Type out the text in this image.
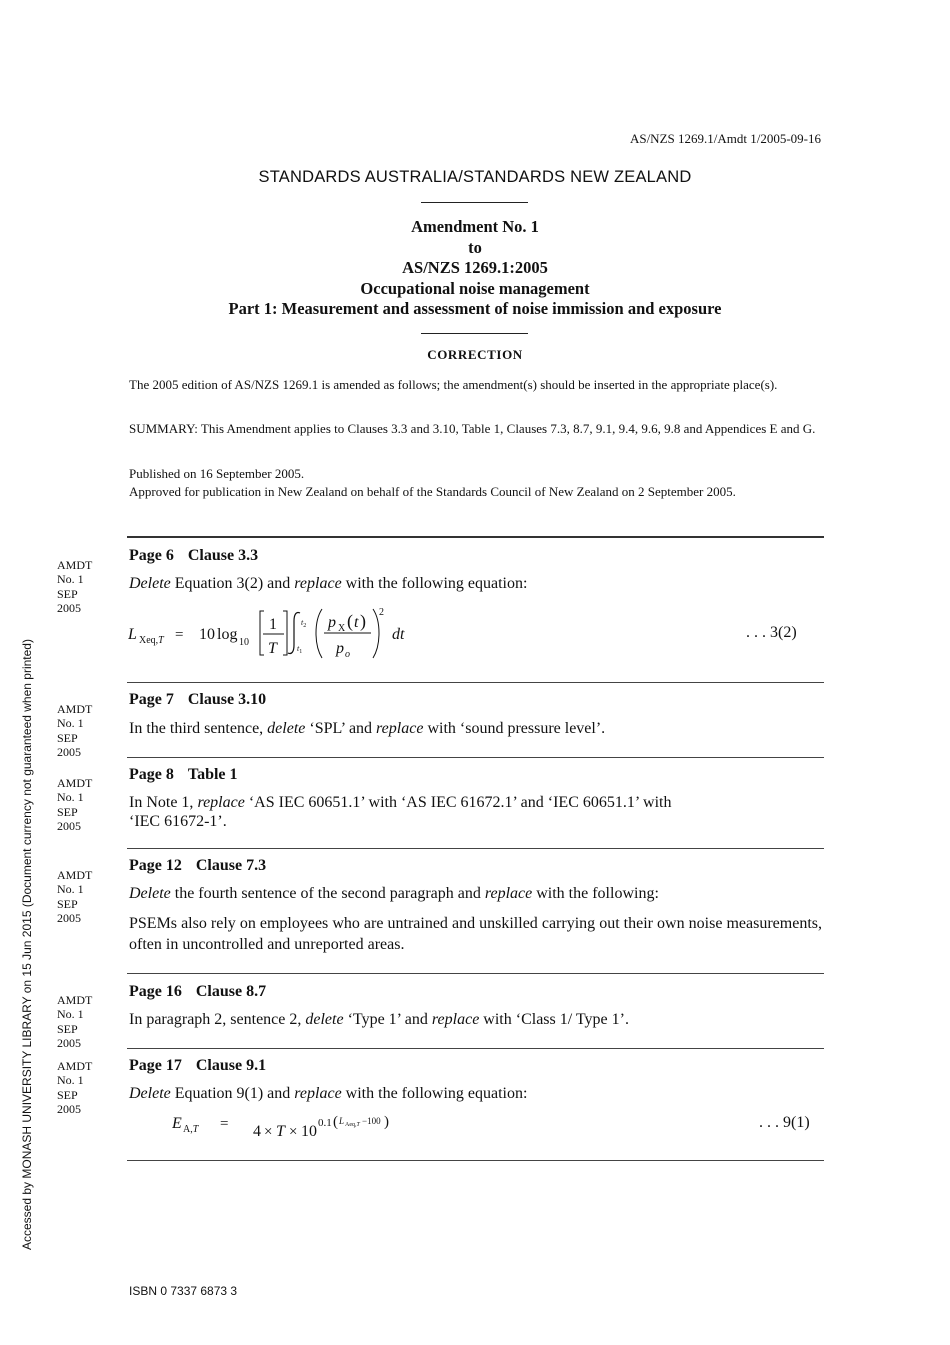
AS/NZS 1269.1/Amdt 1/2005-09-16
STANDARDS AUSTRALIA/STANDARDS NEW ZEALAND
Amendment No. 1
to
AS/NZS 1269.1:2005
Occupational noise management
Part 1: Measurement and assessment of noise immission and exposure
CORRECTION
The 2005 edition of AS/NZS 1269.1 is amended as follows; the amendment(s) should be inserted in the appropriate place(s).
SUMMARY: This Amendment applies to Clauses 3.3 and 3.10, Table 1, Clauses 7.3, 8.7, 9.1, 9.4, 9.6, 9.8 and Appendices E and G.
Published on 16 September 2005.
Approved for publication in New Zealand on behalf of the Standards Council of New Zealand on 2 September 2005.
AMDT
No. 1
SEP
2005
Page 6 Clause 3.3
Delete Equation 3(2) and replace with the following equation:
L Xeq,T = 10 log 10
1
T
$t_2$
$t_1$
p X ( t )
p o
2
dt	. . . 3(2)
AMDT
No. 1
SEP
2005
Page 7 Clause 3.10
In the third sentence, delete ‘SPL’ and replace with ‘sound pressure level’.
AMDT
No. 1
SEP
2005
Page 8 Table 1
In Note 1, replace ‘AS IEC 60651.1’ with ‘AS IEC 61672.1’ and ‘IEC 60651.1’ with
‘IEC 61672-1’.
AMDT
No. 1
SEP
2005
Page 12 Clause 7.3
Delete the fourth sentence of the second paragraph and replace with the following:
PSEMs also rely on employees who are untrained and unskilled carrying out their own noise measurements, often in uncontrolled and unreported areas.
AMDT
No. 1
SEP
2005
Page 16 Clause 8.7
In paragraph 2, sentence 2, delete ‘Type 1’ and replace with ‘Class 1/ Type 1’.
AMDT
No. 1
SEP
2005
Page 17 Clause 9.1
Delete Equation 9(1) and replace with the following equation:
E A,T = 4 × T × 10 0.1 ( L Aeq,T −100 )	. . . 9(1)
Accessed by MONASH UNIVERSITY LIBRARY on 15 Jun 2015 (Document currency not guaranteed when printed)
ISBN 0 7337 6873 3
